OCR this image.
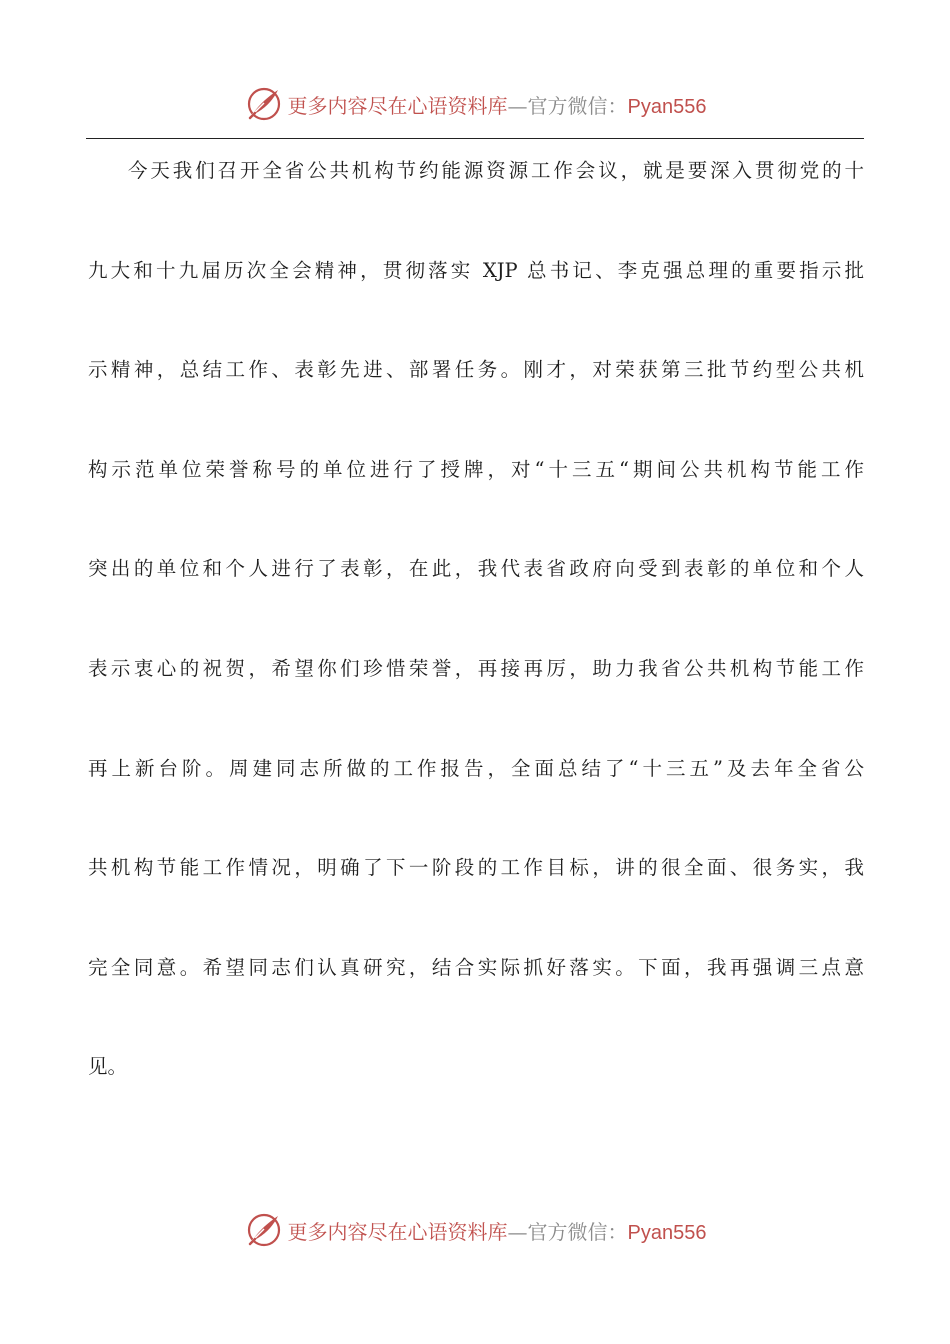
更多内容尽在心语资料库—官方微信：Pyan556
今天我们召开全省公共机构节约能源资源工作会议，就是要深入贯彻党的十
九大和十九届历次全会精神，贯彻落实 XJP 总书记、李克强总理的重要指示批
示精神，总结工作、表彰先进、部署任务。刚才，对荣获第三批节约型公共机
构示范单位荣誉称号的单位进行了授牌，对“十三五“期间公共机构节能工作
突出的单位和个人进行了表彰，在此，我代表省政府向受到表彰的单位和个人
表示衷心的祝贺，希望你们珍惜荣誉，再接再厉，助力我省公共机构节能工作
再上新台阶。周建同志所做的工作报告，全面总结了“十三五”及去年全省公
共机构节能工作情况，明确了下一阶段的工作目标，讲的很全面、很务实，我
完全同意。希望同志们认真研究，结合实际抓好落实。下面，我再强调三点意
见。
更多内容尽在心语资料库—官方微信：Pyan556
